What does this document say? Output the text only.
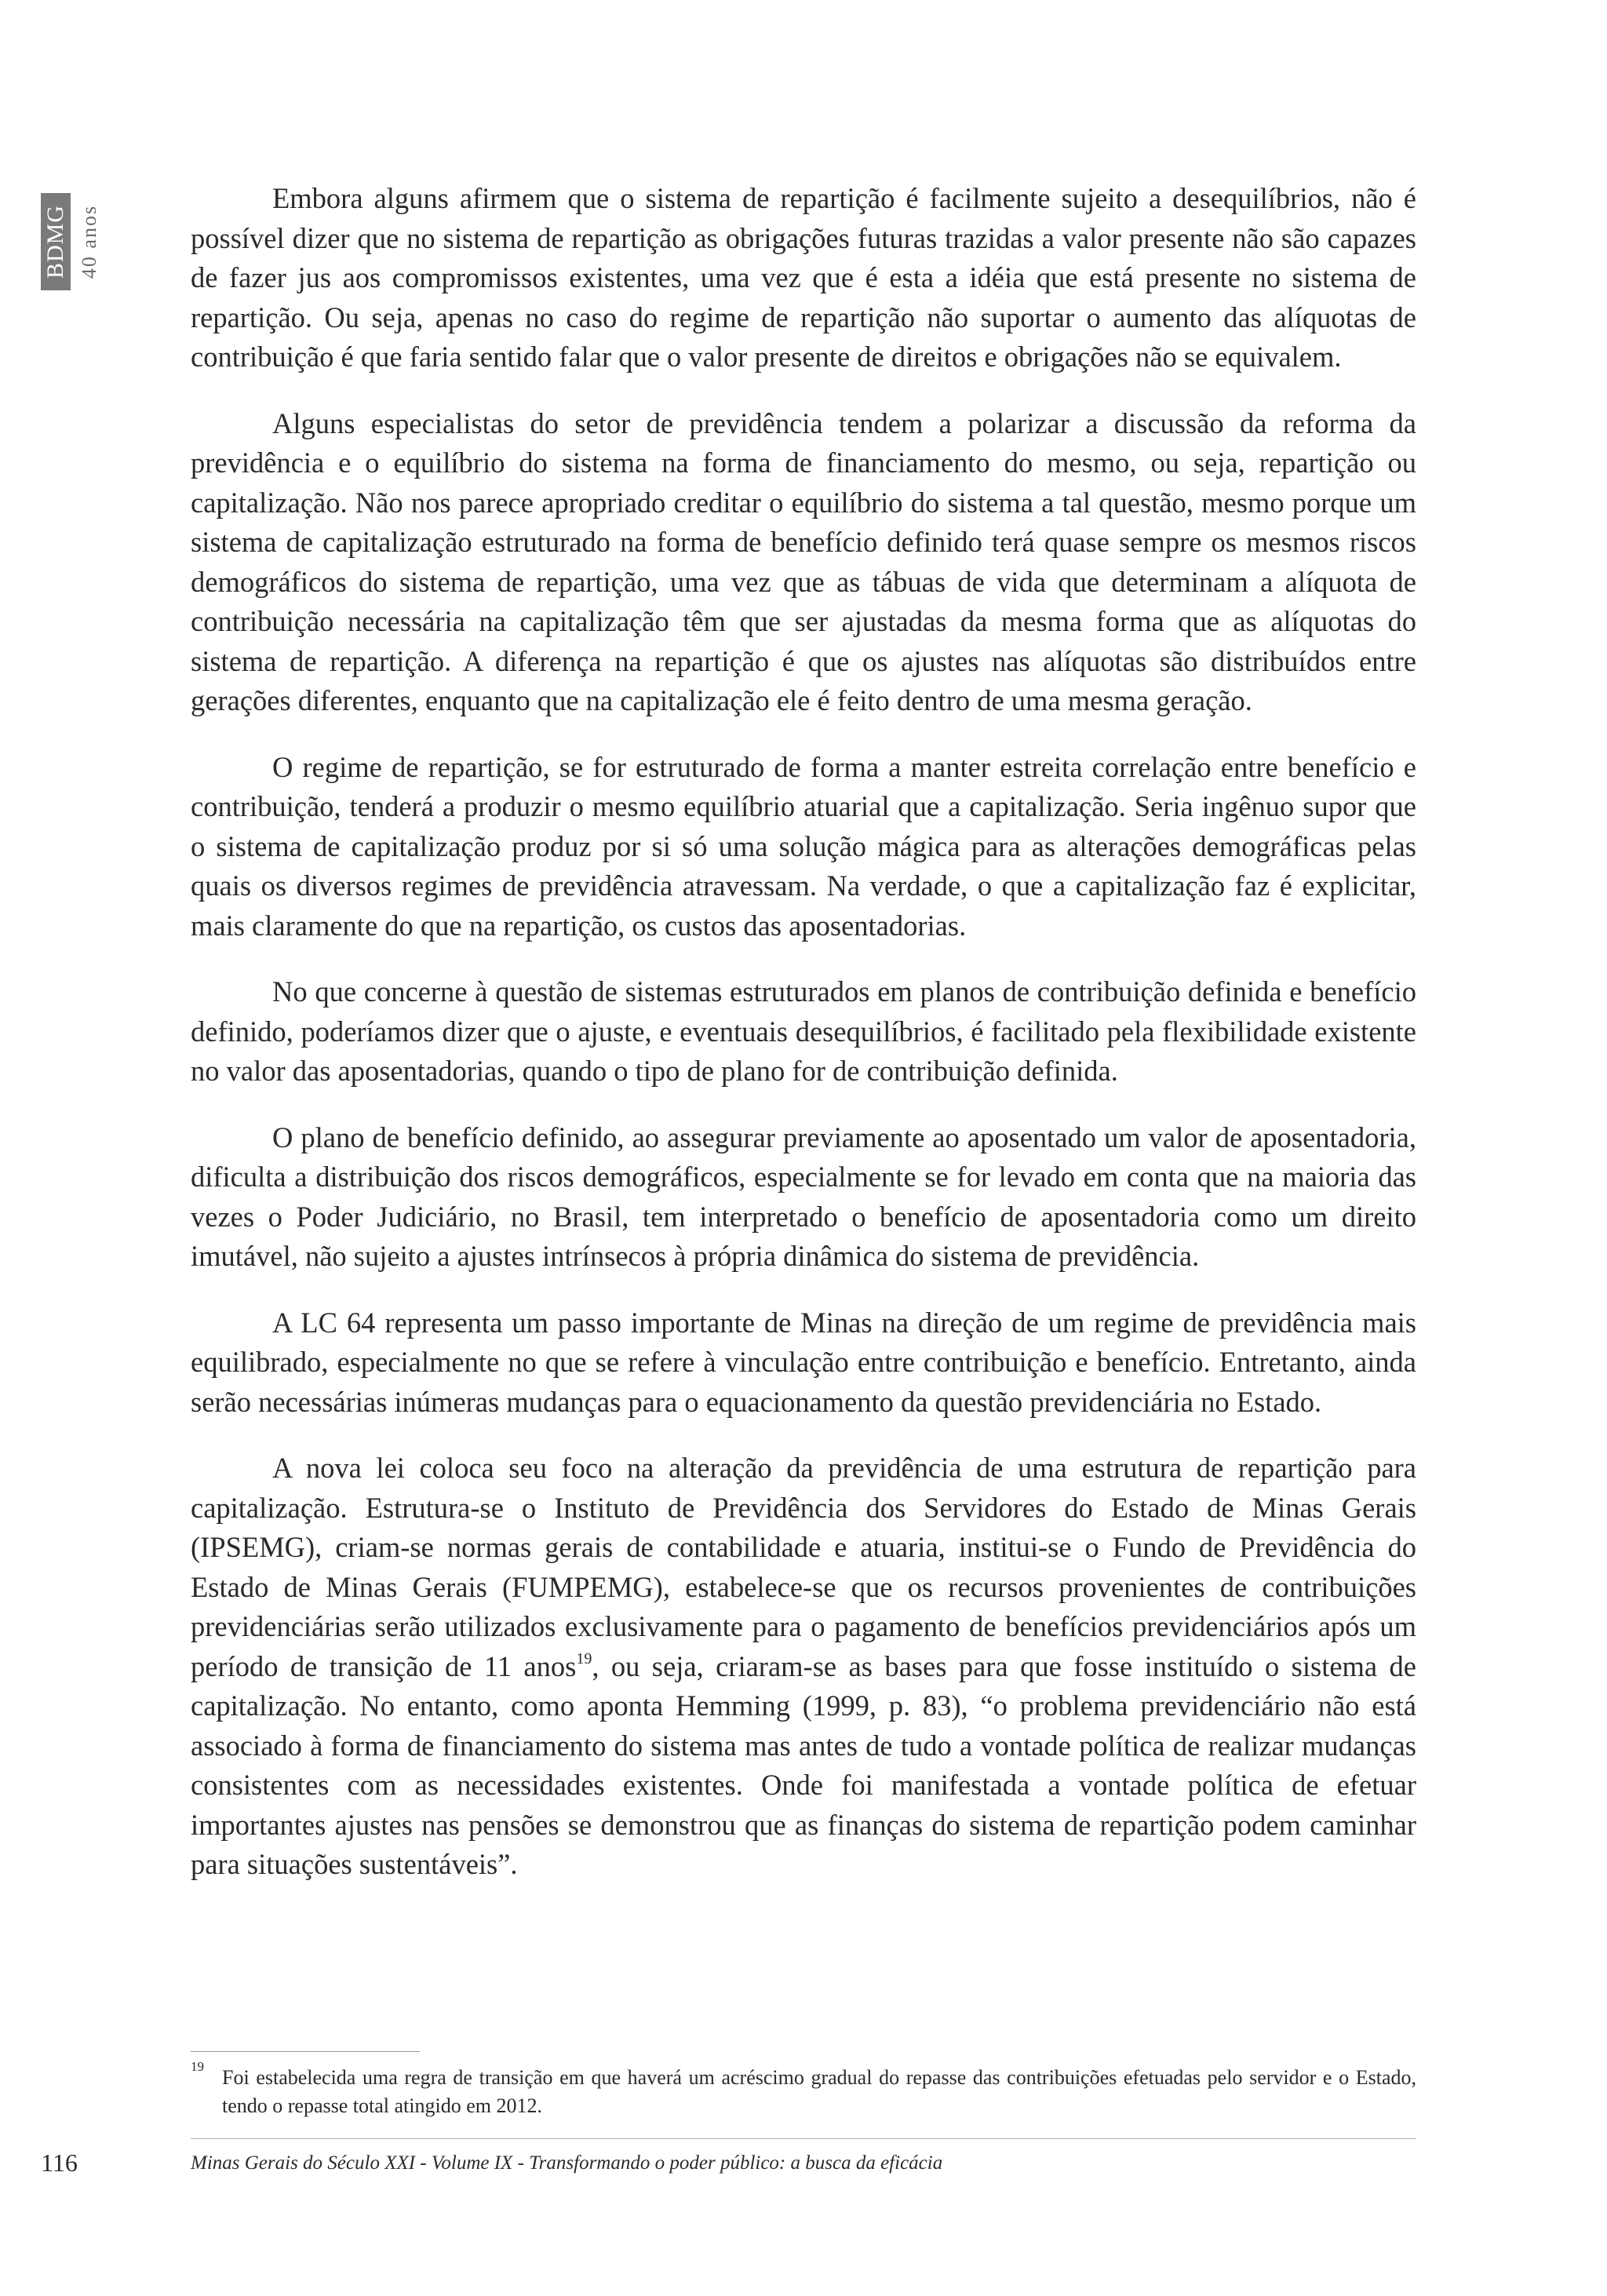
BDMG 40 anos

Embora alguns afirmem que o sistema de repartição é facilmente sujeito a desequilíbrios, não é possível dizer que no sistema de repartição as obrigações futuras trazidas a valor presente não são capazes de fazer jus aos compromissos existentes, uma vez que é esta a idéia que está presente no sistema de repartição. Ou seja, apenas no caso do regime de repartição não suportar o aumento das alíquotas de contribuição é que faria sentido falar que o valor presente de direitos e obrigações não se equivalem.

Alguns especialistas do setor de previdência tendem a polarizar a discussão da reforma da previdência e o equilíbrio do sistema na forma de financiamento do mesmo, ou seja, repartição ou capitalização. Não nos parece apropriado creditar o equilíbrio do sistema a tal questão, mesmo porque um sistema de capitalização estruturado na forma de benefício definido terá quase sempre os mesmos riscos demográficos do sistema de repartição, uma vez que as tábuas de vida que determinam a alíquota de contribuição necessária na capitalização têm que ser ajustadas da mesma forma que as alíquotas do sistema de repartição. A diferença na repartição é que os ajustes nas alíquotas são distribuídos entre gerações diferentes, enquanto que na capitalização ele é feito dentro de uma mesma geração.

O regime de repartição, se for estruturado de forma a manter estreita correlação entre benefício e contribuição, tenderá a produzir o mesmo equilíbrio atuarial que a capitalização. Seria ingênuo supor que o sistema de capitalização produz por si só uma solução mágica para as alterações demográficas pelas quais os diversos regimes de previdência atravessam. Na verdade, o que a capitalização faz é explicitar, mais claramente do que na repartição, os custos das aposentadorias.

No que concerne à questão de sistemas estruturados em planos de contribuição definida e benefício definido, poderíamos dizer que o ajuste, e eventuais desequilíbrios, é facilitado pela flexibilidade existente no valor das aposentadorias, quando o tipo de plano for de contribuição definida.

O plano de benefício definido, ao assegurar previamente ao aposentado um valor de aposentadoria, dificulta a distribuição dos riscos demográficos, especialmente se for levado em conta que na maioria das vezes o Poder Judiciário, no Brasil, tem interpretado o benefício de aposentadoria como um direito imutável, não sujeito a ajustes intrínsecos à própria dinâmica do sistema de previdência.

A LC 64 representa um passo importante de Minas na direção de um regime de previdência mais equilibrado, especialmente no que se refere à vinculação entre contribuição e benefício. Entretanto, ainda serão necessárias inúmeras mudanças para o equacionamento da questão previdenciária no Estado.

A nova lei coloca seu foco na alteração da previdência de uma estrutura de repartição para capitalização. Estrutura-se o Instituto de Previdência dos Servidores do Estado de Minas Gerais (IPSEMG), criam-se normas gerais de contabilidade e atuaria, institui-se o Fundo de Previdência do Estado de Minas Gerais (FUMPEMG), estabelece-se que os recursos provenientes de contribuições previdenciárias serão utilizados exclusivamente para o pagamento de benefícios previdenciários após um período de transição de 11 anos$^{19}$, ou seja, criaram-se as bases para que fosse instituído o sistema de capitalização. No entanto, como aponta Hemming (1999, p. 83), “o problema previdenciário não está associado à forma de financiamento do sistema mas antes de tudo a vontade política de realizar mudanças consistentes com as necessidades existentes. Onde foi manifestada a vontade política de efetuar importantes ajustes nas pensões se demonstrou que as finanças do sistema de repartição podem caminhar para situações sustentáveis”.

19 Foi estabelecida uma regra de transição em que haverá um acréscimo gradual do repasse das contribuições efetuadas pelo servidor e o Estado, tendo o repasse total atingido em 2012.
116	Minas Gerais do Século XXI - Volume IX - Transformando o poder público: a busca da eficácia
